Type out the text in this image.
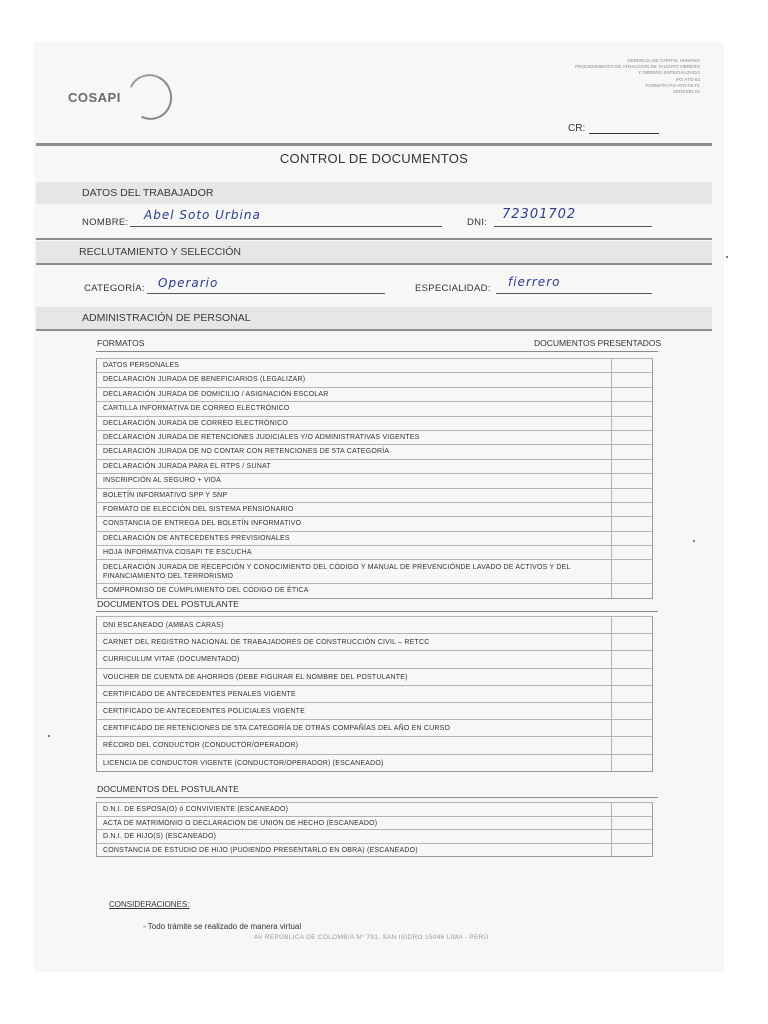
COSAPI
GERENCIA DE CAPITAL HUMANO
PROCEDIMIENTO DE ATRACCIÓN DE TALENTO OBRERO
Y OBRERO ESPECIALIZADO
PG-ATO-03
FORMATO PG-ATO-03-F1
VERSIÓN 01
CR:
CONTROL DE DOCUMENTOS
DATOS DEL TRABAJADOR
NOMBRE:
Abel Soto Urbina
DNI:
72301702
RECLUTAMIENTO Y SELECCIÓN
CATEGORÍA: Operario	ESPECIALIDAD: fierrero
ADMINISTRACIÓN DE PERSONAL
FORMATOS	DOCUMENTOS PRESENTADOS
DATOS PERSONALES
DECLARACIÓN JURADA DE BENEFICIARIOS (LEGALIZAR)
DECLARACIÓN JURADA DE DOMICILIO / ASIGNACIÓN ESCOLAR
CARTILLA INFORMATIVA DE CORREO ELECTRÓNICO
DECLARACIÓN JURADA DE CORREO ELECTRÓNICO
DECLARACIÓN JURADA DE RETENCIONES JUDICIALES Y/O ADMINISTRATIVAS VIGENTES
DECLARACIÓN JURADA DE NO CONTAR CON RETENCIONES DE 5TA CATEGORÍA
DECLARACIÓN JURADA PARA EL RTPS / SUNAT
INSCRIPCIÓN AL SEGURO + VIDA
BOLETÍN INFORMATIVO SPP Y SNP
FORMATO DE ELECCIÓN DEL SISTEMA PENSIONARIO
CONSTANCIA DE ENTREGA DEL BOLETÍN INFORMATIVO
DECLARACIÓN DE ANTECEDENTES PREVISIONALES
HOJA INFORMATIVA COSAPI TE ESCUCHA
DECLARACIÓN JURADA DE RECEPCIÓN Y CONOCIMIENTO DEL CÓDIGO Y MANUAL DE PREVENCIÓNDE LAVADO DE ACTIVOS Y DEL FINANCIAMIENTO DEL TERRORISMO
COMPROMISO DE CUMPLIMIENTO DEL CÓDIGO DE ÉTICA
DOCUMENTOS DEL POSTULANTE
DNI ESCANEADO (AMBAS CARAS)
CARNET DEL REGISTRO NACIONAL DE TRABAJADORES DE CONSTRUCCIÓN CIVIL – RETCC
CURRICULUM VITAE (DOCUMENTADO)
VOUCHER DE CUENTA DE AHORROS (DEBE FIGURAR EL NOMBRE DEL POSTULANTE)
CERTIFICADO DE ANTECEDENTES PENALES VIGENTE
CERTIFICADO DE ANTECEDENTES POLICIALES VIGENTE
CERTIFICADO DE RETENCIONES DE 5TA CATEGORÍA DE OTRAS COMPAÑÍAS DEL AÑO EN CURSO
RÉCORD DEL CONDUCTOR (CONDUCTOR/OPERADOR)
LICENCIA DE CONDUCTOR VIGENTE (CONDUCTOR/OPERADOR) (ESCANEADO)
DOCUMENTOS DEL POSTULANTE
D.N.I. DE ESPOSA(O) ó CONVIVIENTE (ESCANEADO)
ACTA DE MATRIMONIO O DECLARACION DE UNION DE HECHO (ESCANEADO)
D.N.I. DE HIJO(S) (ESCANEADO)
CONSTANCIA DE ESTUDIO DE HIJO (PUDIENDO PRESENTARLO EN OBRA) (ESCANEADO)
CONSIDERACIONES:
- Todo trámite se realizado de manera virtual
AV REPÚBLICA DE COLOMBIA N° 791, SAN ISIDRO 15046 LIMA - PERÚ
